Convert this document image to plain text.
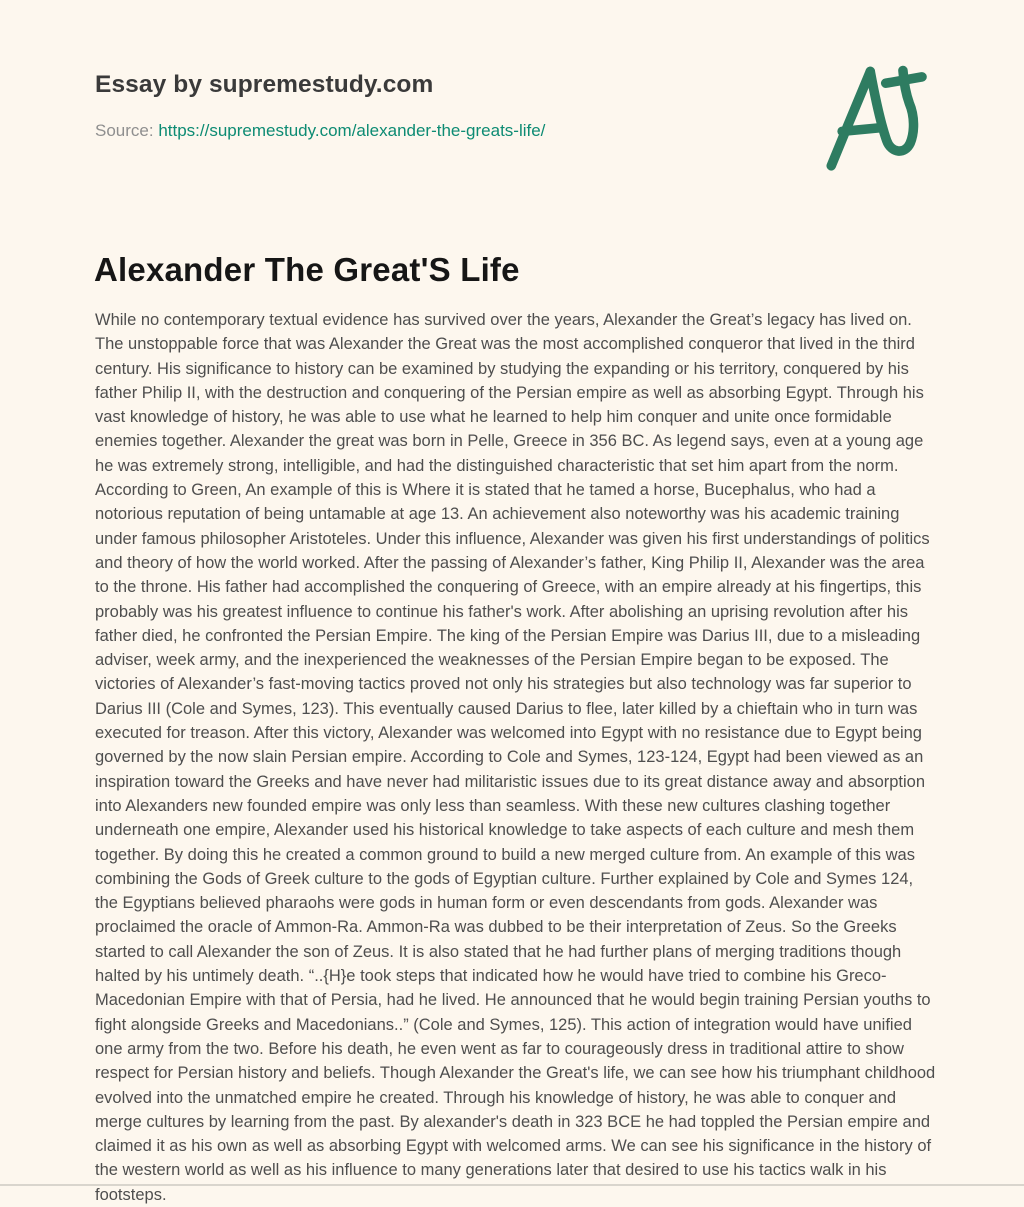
Essay by supremestudy.com
Source: https://supremestudy.com/alexander-the-greats-life/
Alexander The Great'S Life

While no contemporary textual evidence has survived over the years, Alexander the Great’s legacy has lived on. The unstoppable force that was Alexander the Great was the most accomplished conqueror that lived in the third century. His significance to history can be examined by studying the expanding or his territory, conquered by his father Philip II, with the destruction and conquering of the Persian empire as well as absorbing Egypt. Through his vast knowledge of history, he was able to use what he learned to help him conquer and unite once formidable enemies together. Alexander the great was born in Pelle, Greece in 356 BC. As legend says, even at a young age he was extremely strong, intelligible, and had the distinguished characteristic that set him apart from the norm. According to Green, An example of this is Where it is stated that he tamed a horse, Bucephalus, who had a notorious reputation of being untamable at age 13. An achievement also noteworthy was his academic training under famous philosopher Aristoteles. Under this influence, Alexander was given his first understandings of politics and theory of how the world worked. After the passing of Alexander’s father, King Philip II, Alexander was the area to the throne. His father had accomplished the conquering of Greece, with an empire already at his fingertips, this probably was his greatest influence to continue his father's work. After abolishing an uprising revolution after his father died, he confronted the Persian Empire. The king of the Persian Empire was Darius III, due to a misleading adviser, week army, and the inexperienced the weaknesses of the Persian Empire began to be exposed. The victories of Alexander’s fast-moving tactics proved not only his strategies but also technology was far superior to Darius III (Cole and Symes, 123). This eventually caused Darius to flee, later killed by a chieftain who in turn was executed for treason. After this victory, Alexander was welcomed into Egypt with no resistance due to Egypt being governed by the now slain Persian empire. According to Cole and Symes, 123-124, Egypt had been viewed as an inspiration toward the Greeks and have never had militaristic issues due to its great distance away and absorption into Alexanders new founded empire was only less than seamless. With these new cultures clashing together underneath one empire, Alexander used his historical knowledge to take aspects of each culture and mesh them together. By doing this he created a common ground to build a new merged culture from. An example of this was combining the Gods of Greek culture to the gods of Egyptian culture. Further explained by Cole and Symes 124, the Egyptians believed pharaohs were gods in human form or even descendants from gods. Alexander was proclaimed the oracle of Ammon-Ra. Ammon-Ra was dubbed to be their interpretation of Zeus. So the Greeks started to call Alexander the son of Zeus. It is also stated that he had further plans of merging traditions though halted by his untimely death. “..{H}e took steps that indicated how he would have tried to combine his Greco-Macedonian Empire with that of Persia, had he lived. He announced that he would begin training Persian youths to fight alongside Greeks and Macedonians..” (Cole and Symes, 125). This action of integration would have unified one army from the two. Before his death, he even went as far to courageously dress in traditional attire to show respect for Persian history and beliefs. Though Alexander the Great's life, we can see how his triumphant childhood evolved into the unmatched empire he created. Through his knowledge of history, he was able to conquer and merge cultures by learning from the past. By alexander's death in 323 BCE he had toppled the Persian empire and claimed it as his own as well as absorbing Egypt with welcomed arms. We can see his significance in the history of the western world as well as his influence to many generations later that desired to use his tactics walk in his footsteps.
